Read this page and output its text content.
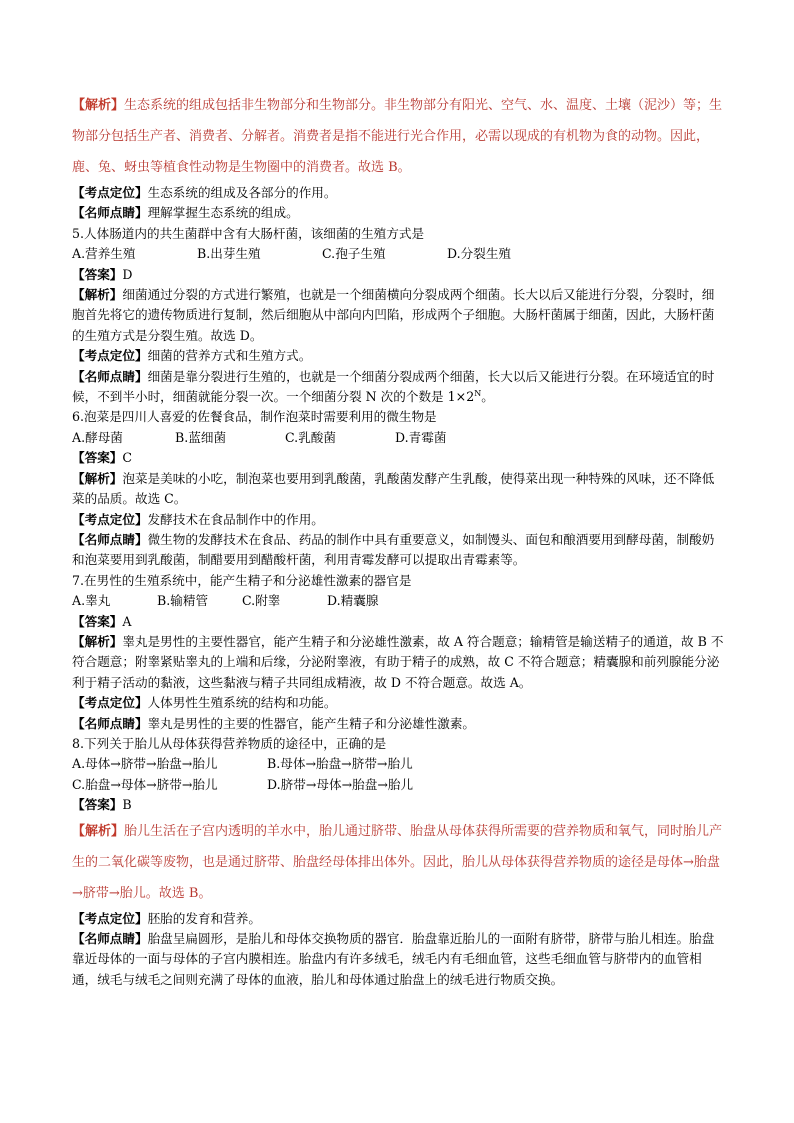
【解析】生态系统的组成包括非生物部分和生物部分。非生物部分有阳光、空气、水、温度、土壤（泥沙）等；生物部分包括生产者、消费者、分解者。消费者是指不能进行光合作用，必需以现成的有机物为食的动物。因此，鹿、兔、蚜虫等植食性动物是生物圈中的消费者。故选 B。

【考点定位】生态系统的组成及各部分的作用。

【名师点睛】理解掌握生态系统的组成。

5.人体肠道内的共生菌群中含有大肠杆菌，该细菌的生殖方式是

A.营养生殖	B.出芽生殖	C.孢子生殖	D.分裂生殖

【答案】D

【解析】细菌通过分裂的方式进行繁殖，也就是一个细菌横向分裂成两个细菌。长大以后又能进行分裂，分裂时，细胞首先将它的遗传物质进行复制，然后细胞从中部向内凹陷，形成两个子细胞。大肠杆菌属于细菌，因此，大肠杆菌的生殖方式是分裂生殖。故选 D。

【考点定位】细菌的营养方式和生殖方式。

【名师点睛】细菌是靠分裂进行生殖的，也就是一个细菌分裂成两个细菌，长大以后又能进行分裂。在环境适宜的时候，不到半小时，细菌就能分裂一次。一个细菌分裂 N 次的个数是 $1\times 2^N$。

6.泡菜是四川人喜爱的佐餐食品，制作泡菜时需要利用的微生物是

A.酵母菌	B.蓝细菌	C.乳酸菌	D.青霉菌

【答案】C

【解析】泡菜是美味的小吃，制泡菜也要用到乳酸菌，乳酸菌发酵产生乳酸，使得菜出现一种特殊的风味，还不降低菜的品质。故选 C。

【考点定位】发酵技术在食品制作中的作用。

【名师点睛】微生物的发酵技术在食品、药品的制作中具有重要意义，如制馒头、面包和酿酒要用到酵母菌，制酸奶和泡菜要用到乳酸菌，制醋要用到醋酸杆菌，利用青霉发酵可以提取出青霉素等。

7.在男性的生殖系统中，能产生精子和分泌雄性激素的器官是

A.睾丸	B.输精管	C.附睾	D.精囊腺

【答案】A

【解析】睾丸是男性的主要性器官，能产生精子和分泌雄性激素，故 A 符合题意；输精管是输送精子的通道，故 B 不符合题意；附睾紧贴睾丸的上端和后缘，分泌附睾液，有助于精子的成熟，故 C 不符合题意；精囊腺和前列腺能分泌利于精子活动的黏液，这些黏液与精子共同组成精液，故 D 不符合题意。故选 A。

【考点定位】人体男性生殖系统的结构和功能。

【名师点睛】睾丸是男性的主要的性器官，能产生精子和分泌雄性激素。

8.下列关于胎儿从母体获得营养物质的途径中，正确的是

A.母体→脐带→胎盘→胎儿	B.母体→胎盘→脐带→胎儿
C.胎盘→母体→脐带→胎儿	D.脐带→母体→胎盘→胎儿

【答案】B

【解析】胎儿生活在子宫内透明的羊水中，胎儿通过脐带、胎盘从母体获得所需要的营养物质和氧气，同时胎儿产生的二氧化碳等废物，也是通过脐带、胎盘经母体排出体外。因此，胎儿从母体获得营养物质的途径是母体→胎盘→脐带→胎儿。故选 B。

【考点定位】胚胎的发育和营养。

【名师点睛】胎盘呈扁圆形，是胎儿和母体交换物质的器官．胎盘靠近胎儿的一面附有脐带，脐带与胎儿相连。胎盘靠近母体的一面与母体的子宫内膜相连。胎盘内有许多绒毛，绒毛内有毛细血管，这些毛细血管与脐带内的血管相通，绒毛与绒毛之间则充满了母体的血液，胎儿和母体通过胎盘上的绒毛进行物质交换。
